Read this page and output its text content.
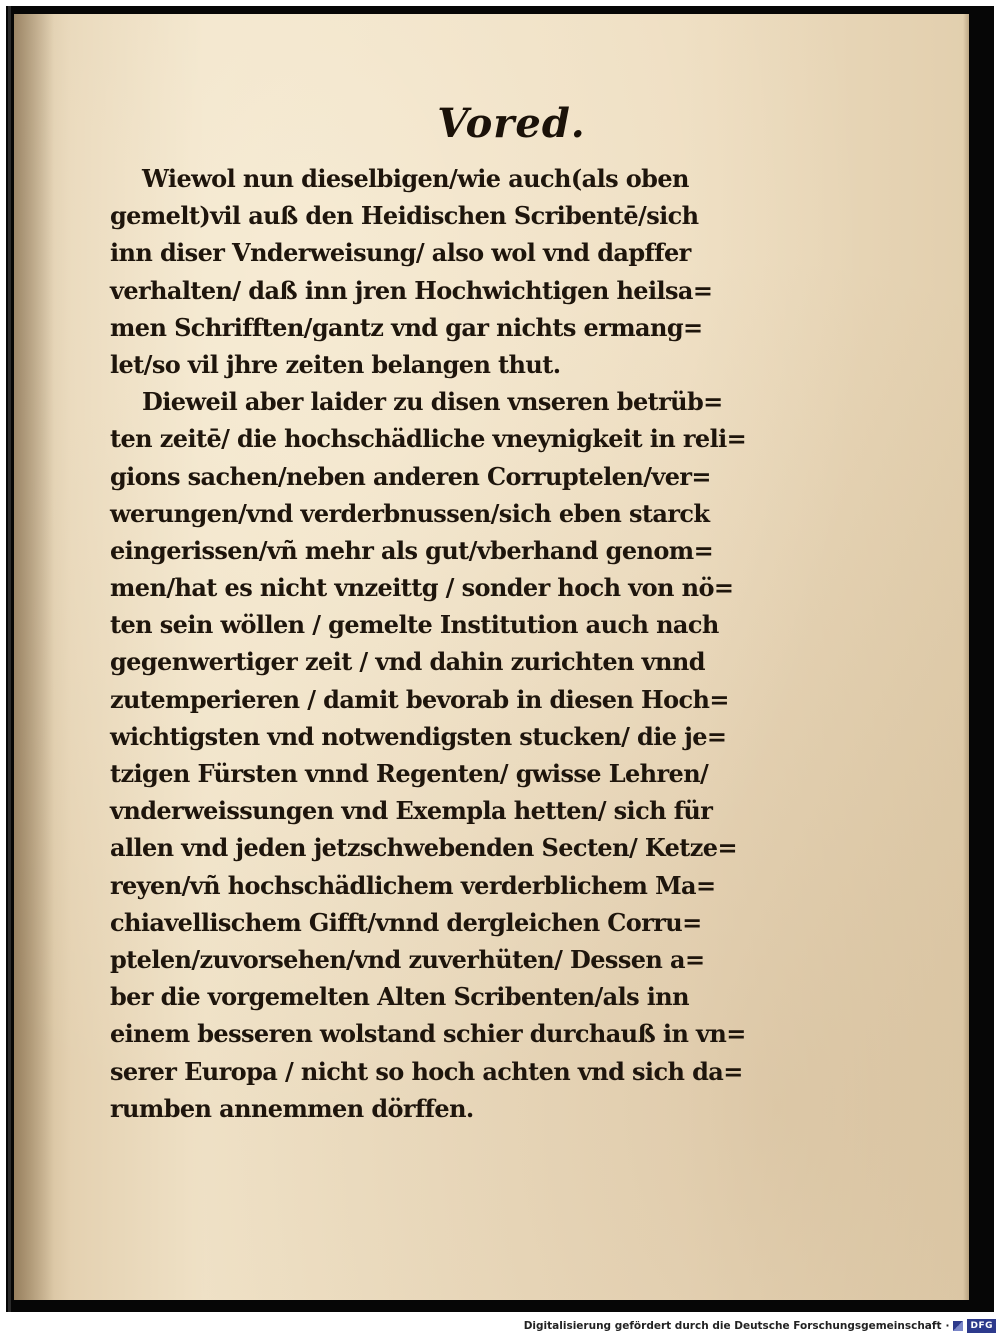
Vored.
Wiewol nun dieselbigen/wie auch(als oben
gemelt)vil auß den Heidischen Scribentē/sich
inn diser Vnderweisung/ also wol vnd dapffer
verhalten/ daß inn jren Hochwichtigen heilsa=
men Schrifften/gantz vnd gar nichts ermang=
let/so vil jhre zeiten belangen thut.
Dieweil aber laider zu disen vnseren betrüb=
ten zeitē/ die hochschädliche vneynigkeit in reli=
gions sachen/neben anderen Corruptelen/ver=
werungen/vnd verderbnussen/sich eben starck
eingerissen/vñ mehr als gut/vberhand genom=
men/hat es nicht vnzeittg / sonder hoch von nö=
ten sein wöllen / gemelte Institution auch nach
gegenwertiger zeit / vnd dahin zurichten vnnd
zutemperieren / damit bevorab in diesen Hoch=
wichtigsten vnd notwendigsten stucken/ die je=
tzigen Fürsten vnnd Regenten/ gwisse Lehren/
vnderweissungen vnd Exempla hetten/ sich für
allen vnd jeden jetzschwebenden Secten/ Ketze=
reyen/vñ hochschädlichem verderblichem Ma=
chiavellischem Gifft/vnnd dergleichen Corru=
ptelen/zuvorsehen/vnd zuverhüten/ Dessen a=
ber die vorgemelten Alten Scribenten/als inn
einem besseren wolstand schier durchauß in vn=
serer Europa / nicht so hoch achten vnd sich da=
rumben annemmen dörffen.
Digitalisierung gefördert durch die Deutsche Forschungsgemeinschaft ·	DFG
